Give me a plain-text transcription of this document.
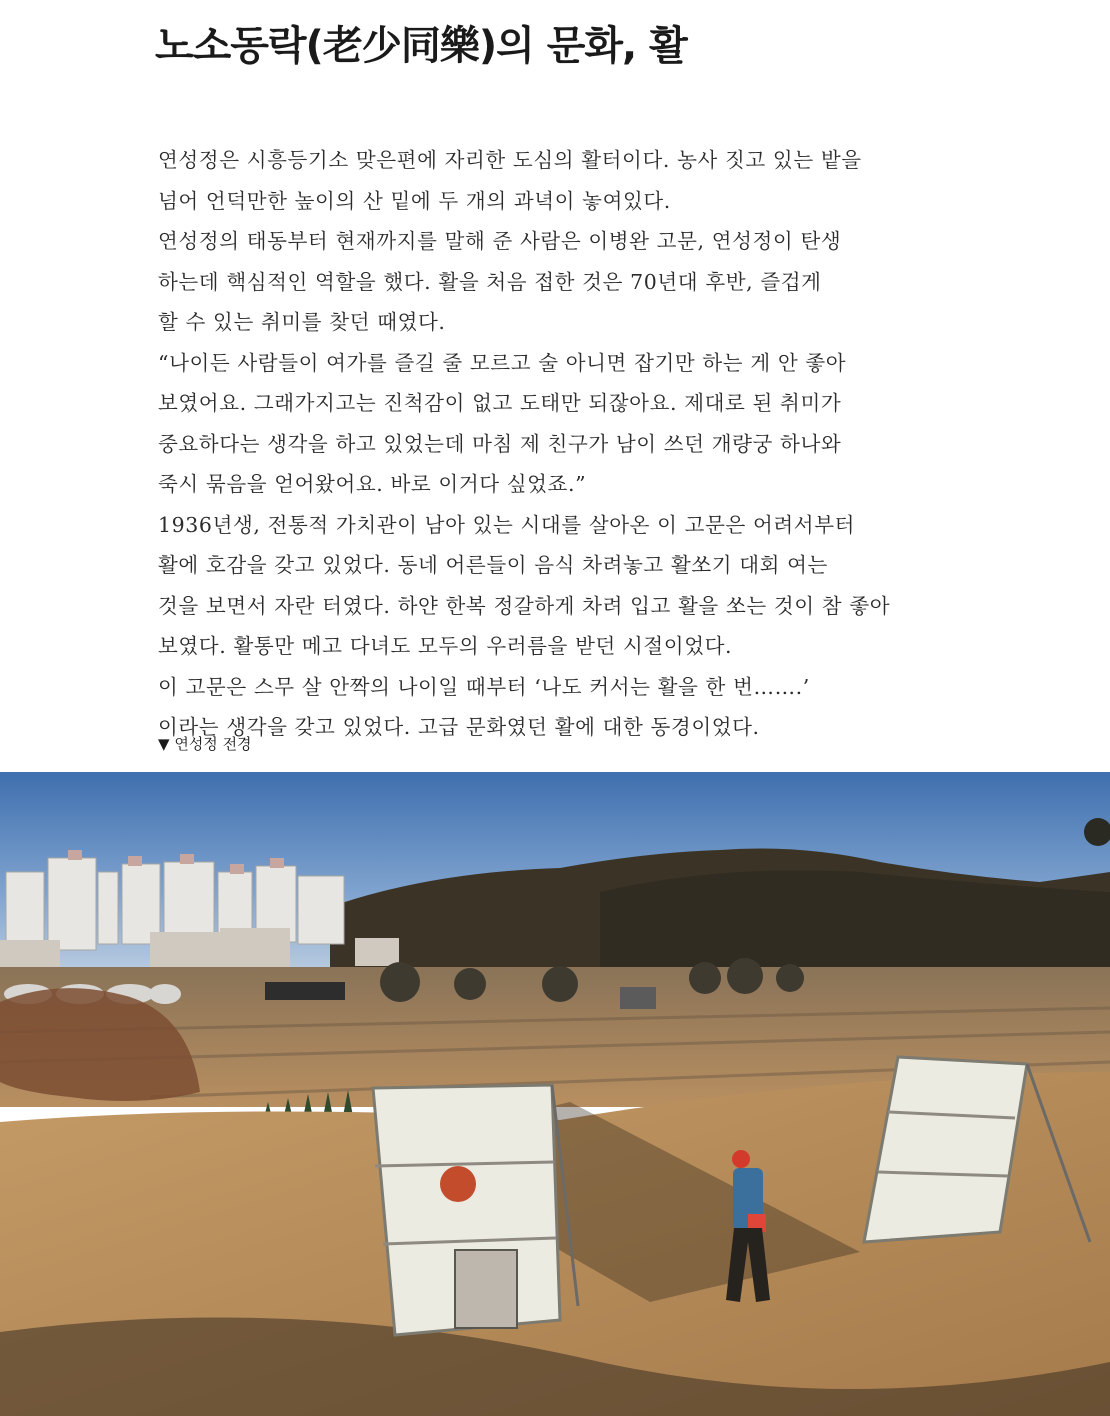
노소동락(老少同樂)의 문화, 활
연성정은 시흥등기소 맞은편에 자리한 도심의 활터이다. 농사 짓고 있는 밭을
넘어 언덕만한 높이의 산 밑에 두 개의 과녁이 놓여있다.
연성정의 태동부터 현재까지를 말해 준 사람은 이병완 고문, 연성정이 탄생
하는데 핵심적인 역할을 했다. 활을 처음 접한 것은 70년대 후반, 즐겁게
할 수 있는 취미를 찾던 때였다.
“나이든 사람들이 여가를 즐길 줄 모르고 술 아니면 잡기만 하는 게 안 좋아
보였어요. 그래가지고는 진척감이 없고 도태만 되잖아요. 제대로 된 취미가
중요하다는 생각을 하고 있었는데 마침 제 친구가 남이 쓰던 개량궁 하나와
죽시 묶음을 얻어왔어요. 바로 이거다 싶었죠.”
1936년생, 전통적 가치관이 남아 있는 시대를 살아온 이 고문은 어려서부터
활에 호감을 갖고 있었다. 동네 어른들이 음식 차려놓고 활쏘기 대회 여는
것을 보면서 자란 터였다. 하얀 한복 정갈하게 차려 입고 활을 쏘는 것이 참 좋아
보였다. 활통만 메고 다녀도 모두의 우러름을 받던 시절이었다.
이 고문은 스무 살 안짝의 나이일 때부터 ‘나도 커서는 활을 한 번…….’
이라는 생각을 갖고 있었다. 고급 문화였던 활에 대한 동경이었다.
▼ 연성정 전경
